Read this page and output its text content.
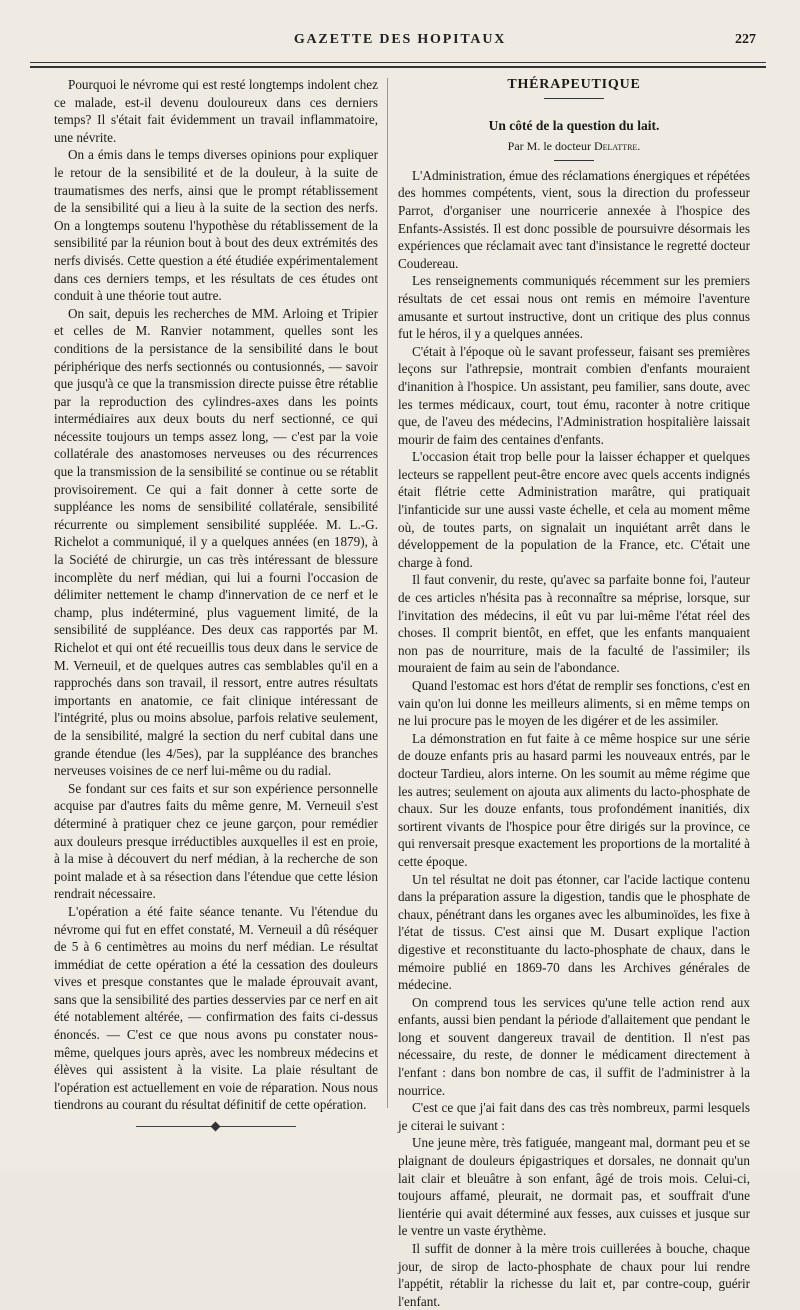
GAZETTE DES HOPITAUX	227

Pourquoi le névrome qui est resté longtemps indolent chez ce malade, est-il devenu douloureux dans ces derniers temps? Il s'était fait évidemment un travail inflammatoire, une névrite.

On a émis dans le temps diverses opinions pour expliquer le retour de la sensibilité et de la douleur, à la suite de traumatismes des nerfs, ainsi que le prompt rétablissement de la sensibilité qui a lieu à la suite de la section des nerfs. On a longtemps soutenu l'hypothèse du rétablissement de la sensibilité par la réunion bout à bout des deux extrémités des nerfs divisés. Cette question a été étudiée expérimentalement dans ces derniers temps, et les résultats de ces études ont conduit à une théorie tout autre.

On sait, depuis les recherches de MM. Arloing et Tripier et celles de M. Ranvier notamment, quelles sont les conditions de la persistance de la sensibilité dans le bout périphérique des nerfs sectionnés ou contusionnés, — savoir que jusqu'à ce que la transmission directe puisse être rétablie par la reproduction des cylindres-axes dans les points intermédiaires aux deux bouts du nerf sectionné, ce qui nécessite toujours un temps assez long, — c'est par la voie collatérale des anastomoses nerveuses ou des récurrences que la transmission de la sensibilité se continue ou se rétablit provisoirement. Ce qui a fait donner à cette sorte de suppléance les noms de sensibilité collatérale, sensibilité récurrente ou simplement sensibilité suppléée. M. L.-G. Richelot a communiqué, il y a quelques années (en 1879), à la Société de chirurgie, un cas très intéressant de blessure incomplète du nerf médian, qui lui a fourni l'occasion de délimiter nettement le champ d'innervation de ce nerf et le champ, plus indéterminé, plus vaguement limité, de la sensibilité de suppléance. Des deux cas rapportés par M. Richelot et qui ont été recueillis tous deux dans le service de M. Verneuil, et de quelques autres cas semblables qu'il en a rapprochés dans son travail, il ressort, entre autres résultats importants en anatomie, ce fait clinique intéressant de l'intégrité, plus ou moins absolue, parfois relative seulement, de la sensibilité, malgré la section du nerf cubital dans une grande étendue (les 4/5es), par la suppléance des branches nerveuses voisines de ce nerf lui-même ou du radial.

Se fondant sur ces faits et sur son expérience personnelle acquise par d'autres faits du même genre, M. Verneuil s'est déterminé à pratiquer chez ce jeune garçon, pour remédier aux douleurs presque irréductibles auxquelles il est en proie, à la mise à découvert du nerf médian, à la recherche de son point malade et à sa résection dans l'étendue que cette lésion rendrait nécessaire.

L'opération a été faite séance tenante. Vu l'étendue du névrome qui fut en effet constaté, M. Verneuil a dû réséquer de 5 à 6 centimètres au moins du nerf médian. Le résultat immédiat de cette opération a été la cessation des douleurs vives et presque constantes que le malade éprouvait avant, sans que la sensibilité des parties desservies par ce nerf en ait été notablement altérée, — confirmation des faits ci-dessus énoncés. — C'est ce que nous avons pu constater nous-même, quelques jours après, avec les nombreux médecins et élèves qui assistent à la visite. La plaie résultant de l'opération est actuellement en voie de réparation. Nous nous tiendrons au courant du résultat définitif de cette opération.

THÉRAPEUTIQUE

Un côté de la question du lait.

Par M. le docteur Delattre.

L'Administration, émue des réclamations énergiques et répétées des hommes compétents, vient, sous la direction du professeur Parrot, d'organiser une nourricerie annexée à l'hospice des Enfants-Assistés. Il est donc possible de poursuivre désormais les expériences que réclamait avec tant d'insistance le regretté docteur Coudereau.

Les renseignements communiqués récemment sur les premiers résultats de cet essai nous ont remis en mémoire l'aventure amusante et surtout instructive, dont un critique des plus connus fut le héros, il y a quelques années.

C'était à l'époque où le savant professeur, faisant ses premières leçons sur l'athrepsie, montrait combien d'enfants mouraient d'inanition à l'hospice. Un assistant, peu familier, sans doute, avec les termes médicaux, court, tout ému, raconter à notre critique que, de l'aveu des médecins, l'Administration hospitalière laissait mourir de faim des centaines d'enfants.

L'occasion était trop belle pour la laisser échapper et quelques lecteurs se rappellent peut-être encore avec quels accents indignés était flétrie cette Administration marâtre, qui pratiquait l'infanticide sur une aussi vaste échelle, et cela au moment même où, de toutes parts, on signalait un inquiétant arrêt dans le développement de la population de la France, etc. C'était une charge à fond.

Il faut convenir, du reste, qu'avec sa parfaite bonne foi, l'auteur de ces articles n'hésita pas à reconnaître sa méprise, lorsque, sur l'invitation des médecins, il eût vu par lui-même l'état réel des choses. Il comprit bientôt, en effet, que les enfants manquaient non pas de nourriture, mais de la faculté de l'assimiler; ils mouraient de faim au sein de l'abondance.

Quand l'estomac est hors d'état de remplir ses fonctions, c'est en vain qu'on lui donne les meilleurs aliments, si en même temps on ne lui procure pas le moyen de les digérer et de les assimiler.

La démonstration en fut faite à ce même hospice sur une série de douze enfants pris au hasard parmi les nouveaux entrés, par le docteur Tardieu, alors interne. On les soumit au même régime que les autres; seulement on ajouta aux aliments du lacto-phosphate de chaux. Sur les douze enfants, tous profondément inanitiés, dix sortirent vivants de l'hospice pour être dirigés sur la province, ce qui renversait presque exactement les proportions de la mortalité à cette époque.

Un tel résultat ne doit pas étonner, car l'acide lactique contenu dans la préparation assure la digestion, tandis que le phosphate de chaux, pénétrant dans les organes avec les albuminoïdes, les fixe à l'état de tissus. C'est ainsi que M. Dusart explique l'action digestive et reconstituante du lacto-phosphate de chaux, dans le mémoire publié en 1869-70 dans les Archives générales de médecine.

On comprend tous les services qu'une telle action rend aux enfants, aussi bien pendant la période d'allaitement que pendant le long et souvent dangereux travail de dentition. Il n'est pas nécessaire, du reste, de donner le médicament directement à l'enfant : dans bon nombre de cas, il suffit de l'administrer à la nourrice.

C'est ce que j'ai fait dans des cas très nombreux, parmi lesquels je citerai le suivant :

Une jeune mère, très fatiguée, mangeant mal, dormant peu et se plaignant de douleurs épigastriques et dorsales, ne donnait qu'un lait clair et bleuâtre à son enfant, âgé de trois mois. Celui-ci, toujours affamé, pleurait, ne dormait pas, et souffrait d'une lientérie qui avait déterminé aux fesses, aux cuisses et jusque sur le ventre un vaste érythème.

Il suffit de donner à la mère trois cuillerées à bouche, chaque jour, de sirop de lacto-phosphate de chaux pour lui rendre l'appétit, rétablir la richesse du lait et, par contre-coup, guérir l'enfant.
